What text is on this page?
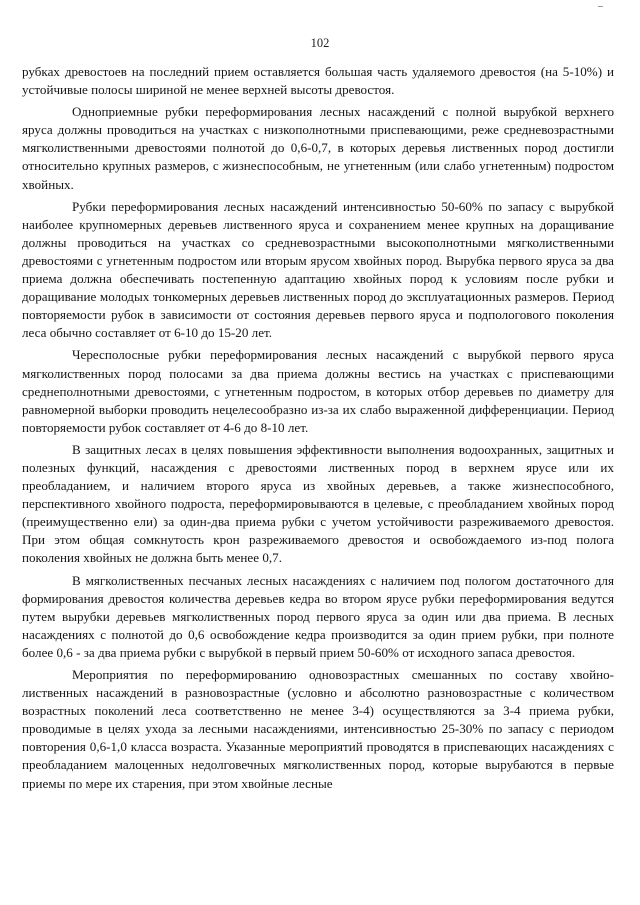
102

рубках древостоев на последний прием оставляется большая часть удаляемого древостоя (на 5-10%) и устойчивые полосы шириной не менее верхней высоты древостоя.

Одноприемные рубки переформирования лесных насаждений с полной вырубкой верхнего яруса должны проводиться на участках с низкополнотными приспевающими, реже средневозрастными мягколиственными древостоями полнотой до 0,6-0,7, в которых деревья лиственных пород достигли относительно крупных размеров, с жизнеспособным, не угнетенным (или слабо угнетенным) подростом хвойных.

Рубки переформирования лесных насаждений интенсивностью 50-60% по запасу с вырубкой наиболее крупномерных деревьев лиственного яруса и сохранением менее крупных на доращивание должны проводиться на участках со средневозрастными высокополнотными мягколиственными древостоями с угнетенным подростом или вторым ярусом хвойных пород. Вырубка первого яруса за два приема должна обеспечивать постепенную адаптацию хвойных пород к условиям после рубки и доращивание молодых тонкомерных деревьев лиственных пород до эксплуатационных размеров. Период повторяемости рубок в зависимости от состояния деревьев первого яруса и подпологового поколения леса обычно составляет от 6-10 до 15-20 лет.

Чересполосные рубки переформирования лесных насаждений с вырубкой первого яруса мягколиственных пород полосами за два приема должны вестись на участках с приспевающими среднеполнотными древостоями, с угнетенным подростом, в которых отбор деревьев по диаметру для равномерной выборки проводить нецелесообразно из-за их слабо выраженной дифференциации. Период повторяемости рубок составляет от 4-6 до 8-10 лет.

В защитных лесах в целях повышения эффективности выполнения водоохранных, защитных и полезных функций, насаждения с древостоями лиственных пород в верхнем ярусе или их преобладанием, и наличием второго яруса из хвойных деревьев, а также жизнеспособного, перспективного хвойного подроста, переформировываются в целевые, с преобладанием хвойных пород (преимущественно ели) за один-два приема рубки с учетом устойчивости разреживаемого древостоя. При этом общая сомкнутость крон разреживаемого древостоя и освобождаемого из-под полога поколения хвойных не должна быть менее 0,7.

В мягколиственных песчаных лесных насаждениях с наличием под пологом достаточного для формирования древостоя количества деревьев кедра во втором ярусе рубки переформирования ведутся путем вырубки деревьев мягколиственных пород первого яруса за один или два приема. В лесных насаждениях с полнотой до 0,6 освобождение кедра производится за один прием рубки, при полноте более 0,6 - за два приема рубки с вырубкой в первый прием 50-60% от исходного запаса древостоя.

Мероприятия по переформированию одновозрастных смешанных по составу хвойно-лиственных насаждений в разновозрастные (условно и абсолютно разновозрастные с количеством возрастных поколений леса соответственно не менее 3-4) осуществляются за 3-4 приема рубки, проводимые в целях ухода за лесными насаждениями, интенсивностью 25-30% по запасу с периодом повторения 0,6-1,0 класса возраста. Указанные мероприятий проводятся в приспевающих насаждениях с преобладанием малоценных недолговечных мягколиственных пород, которые вырубаются в первые приемы по мере их старения, при этом хвойные лесные
